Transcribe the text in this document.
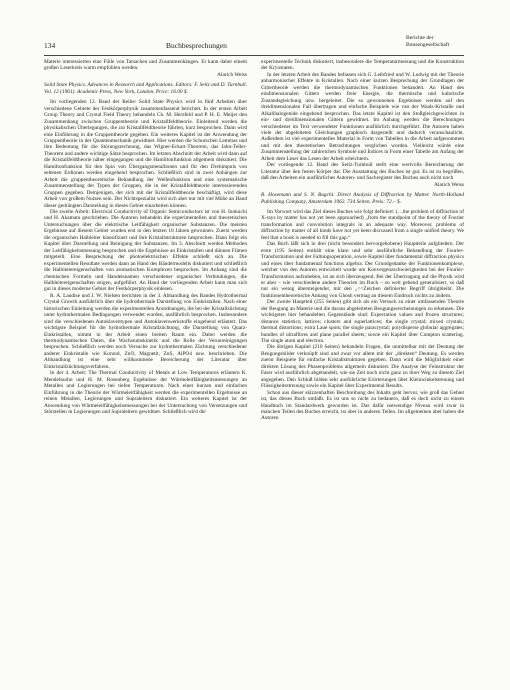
134	Buchbesprechungen
Berichte der
Bunsengesellschaft

Materie interessierten eine Fülle von Tatsachen und Zusammenhängen. Er kann daher einem großen Leserkreis warm empfohlen werden.
Alarich Weiss

Solid State Physics. Advances in Research and Applications. Editors: F. Seitz and D. Turnbull. Vol. 12 (1961). Academic Press, New York, London. Price: 16.00 $.

Im vorliegenden 12. Band der Reihe: Solid State Physics wird in fünf Arbeiten über verschiedene Gebiete der Festkörperphysik zusammenfassend berichtet. In der ersten Arbeit Group Theory and Crystal Field Theory behandeln Ch. M. Herzfeld und P. H. E. Meijer den Zusammenhang zwischen Gruppentheorie und Kristallfeldtheorie. Einleitend werden die physikalischen Überlegungen, die zur Kristallfeldtheorie führten, kurz besprochen. Dann wird eine Einführung in die Gruppentheorie gegeben. Ein weiteres Kapitel ist der Anwendung der Gruppentheorie in der Quantenmechanik gewidmet. Hier werden die Schurschen Lemmas und ihre Bedeutung für die Störungsrechnung, das Wigner-Eckart-Theorem, das Jahn-Teller-Theorem und andere wichtige Sätze besprochen. Im letzten Abschnitt der Arbeit wird dann auf die Kristallfeldtheorie näher eingegangen und die Hamiltonfunktion allgemein diskutiert. Die Hamiltonfunktion für den Spin von Übergangsmetallionen und für den Drehimpuls von seltenen Erdionen werden eingehend besprochen. Schließlich sind in zwei Anhängen zur Arbeit die gruppentheoretische Behandlung der Wellenfunktion und eine systematische Zusammenstellung der Typen der Gruppen, die in der Kristallfeldtheorie interessierenden Gruppen gegeben. Demjenigen, der sich mit der Kristallfeldtheorie beschäftigt, wird diese Arbeit von großem Nutzen sein. Der Nichtspezialist wird sich aber nur mit viel Mühe an Hand dieser gedrängten Darstellung in dieses Gebiet einarbeiten können.

Die zweite Arbeit: Electrical Conductivity of Organic Semiconductors ist von H. Inokuchi und H. Akamatu geschrieben. Die Autoren behandeln die experimentellen und theoretischen Untersuchungen über die elektrische Leitfähigkeit organischer Substanzen. Die meisten Ergebnisse auf diesem Gebiet wurden erst in den letzten 10 Jahren gewonnen. Zuerst werden die organischen Halbleiter klassifiziert und ihre Kristallstrukturen besprochen. Dann folgt ein Kapitel über Darstellung und Reinigung der Substanzen. Im 3. Abschnitt werden Methoden der Leitfähigkeitsmessung besprochen und die Ergebnisse an Einkristallen und dünnen Filmen mitgeteilt. Eine Besprechung der photoelektrischen Effekte schließt sich an. Die experimentellen Resultate werden dann an Hand des Bändermodells diskutiert und schließlich die Halbleitereigenschaften von aromatischen Komplexen besprochen. Im Anhang sind die chemischen Formeln und Handelsnamen verschiedener organischer Verbindungen, die Halbleitereigenschaften zeigen, aufgeführt. An Hand der vorliegenden Arbeit kann man sich gut in dieses moderne Gebiet der Festkörperphysik einlesen.

R. A. Laudise und J. W. Nielsen berichten in der 3. Abhandlung des Bandes Hydrothermal Crystal Growth ausführlich über die hydrothermale Darstellung von Einkristallen. Nach einer historischen Einleitung werden die experimentellen Anordnungen, die bei der Kristallzüchtung unter hydrothermalen Bedingungen verwendet wurden, ausführlich besprochen. Insbesondere sind die verschiedenen Autoklaventypen und Autoklavenwerkstoffe eingehend erläutert. Das wichtigste Beispiel für die hydrothermale Kristallzüchtung, die Darstellung von Quarz-Einkristallen, nimmt in der Arbeit einen breiten Raum ein. Dabei werden die thermodynamischen Daten, die Wachstumskinetik und die Rolle der Verunreinigungen besprochen. Schließlich werden noch Versuche zur hydrothermalen Züchtung verschiedener anderer Einkristalle wie Korund, ZnO, Magnetit, ZnS, AlPO4 usw. beschrieben. Die Abhandlung ist eine sehr willkommene Bereicherung der Literatur über Einkristallzüchtungsverfahren.

In der 4. Arbeit: The Thermal Conductivity of Metals at Low Temperatures erläutern K. Mendelssohn und H. M. Rosenberg Ergebnisse der Wärmeleitfähigkeitsmessungen an Metallen und Legierungen bei tiefen Temperaturen. Nach einer kurzen und einfachen Einführung in die Theorie der Wärmeleitfähigkeit werden die experimentellen Ergebnisse an reinen Metallen, Legierungen und Supraleitern diskutiert. Ein weiteres Kapitel ist der Anwendung von Wärmeleitfähigkeitsmessungen bei der Untersuchung von Versetzungen und Störstellen in Legierungen und Supraleitern gewidmet. Schließlich wird die

experimentelle Technik diskutiert, insbesondere die Temperaturmessung und die Konstruktion der Kryostaten.

In der letzten Arbeit des Bandes befassen sich G. Leibfried und W. Ludwig mit der Theorie anharmonischer Effekte in Kristallen. Nach einer kurzen Besprechung der Grundlagen der Gittertheorie werden die thermodynamischen Funktionen behandelt. An Hand des eindimensionalen Gitters werden freie Energie, die thermische und kalorische Zustandsgleichung usw. hergeleitet. Die so gewonnenen Ergebnisse werden auf den dreidimensionalen Fall übertragen und einfache Beispiele wie van der Waals-Kristalle und Alkalihalogenide eingehend besprochen. Das letzte Kapitel ist den Stoßgleichgewichten in ein- und dreidimensionalen Gittern gewidmet. Im Anhang werden die Berechnungen verschiedener im Text verwendeter Funktionen ausführlich durchgeführt. Die Autoren haben viele der abgeleiteten Gleichungen graphisch dargestellt und dadurch veranschaulicht. Außerdem ist viel experimentelles Material in Form von Tabellen in die Arbeit aufgenommen und mit den theoretischen Betrachtungen verglichen worden. Vielleicht würde eine Zusammenstellung der zahlreichen Symbole und Indices in Form einer Tabelle am Anfang der Arbeit dem Leser das Lesen der Arbeit erleichtern.

Der vorliegende 12. Band des Seitz-Turnbull stellt eine wertvolle Bereicherung der Literatur über den festen Körper dar. Die Ausstattung des Buches ist gut. Es ist zu begrüßen, daß den Arbeiten ein ausführliches Autoren- und Sachregister des Buches auch nicht noch
Alarich Weiss

R. Hosemann und S. N. Bagchi: Direct Analysis of Diffraction by Matter. North-Holland Publishing Company, Amsterdam 1962. 734 Seiten. Preis: 72.– $.

Im Vorwort wird das Ziel dieses Buches wie folgt definiert: (…the problem of diffraction of X-rays by matter has not yet been approached) „from the standpoint of the theory of Fourier transformation and convolution integrals in an adequate way. Moreover, problems of diffraction by matter of all kinds have not yet been discussed from a single unified theory. We feel that a book is needed to fill this gap.“

Das Buch läßt sich in drei (nicht besonders hervorgehobene) Hauptteile aufgliedern. Der erste (195 Seiten) enthält eine klare und sehr ausführliche Behandlung der Fourier-Transformation und der Faltungsoperation, sowie Kapitel über fundamental diffraction physics und eines über fundamental functions algebra. Der Grundgedanke der Funktionenkomplexe, welcher von den Autoren entwickelt wurde um Konvergenzschwierigkeiten bei der Fourier-Transformation aufzuheben, ist an sich überzeugend. Bei der Übertragung auf die Physik wird er aber – wie verschiedene andere Theorien im Buch – zu weit gehend generalisiert, so daß nur ein wenig übersteigender, mit den „<<Zeichen definierter Begriff übrigbleibt. Die funktionentheoretische Anhang von Ghosh vermag an diesem Eindruck nichts zu ändern.

Der zweite Hauptteil (255 Seiten) gibt sich als ein Versuch zu einer umfassenden Theorie der Beugung an Materie und die daraus abgeleiteten Beugungserscheinungen zu erkennen. Die wichtigsten hier behandelten Gegenstände sind: Expectation values and frozen structures; distance statistics; lattices; clusters and superlattices; the single crystal; mixed crystals; thermal distortions; extra Laue spots; the single paracrystal; polydisperse globular aggregates; bundles of ultrafibres and plane parallel sheets; sowie ein Kapitel über Compton scattering. The single atom and electron.

Die übrigen Kapitel (210 Seiten) behandeln Fragen, die unmittelbar mit der Deutung der Beugungsbilder verknüpft sind und zwar vor allem mit der „direkten“ Deutung. Es werden zuerst Beispiele für einfache Kristallstrukturen gegeben. Dann wird die Möglichkeit einer direkten Lösung des Phasenproblems allgemein diskutiert. Die Analyse der Feinstruktur der Faser wird ausführlich abgehandelt, wie sie Zeit noch nicht ganz zu ihrer Weg zu diesem Ziel angegeben. Den Schluß bilden sehr ausführliche Erörterungen über Kleinwinkelstreuung und Flüssigkeitsstreuung sowie ein Kapitel über Experimental Results.

Schon aus dieser skizzenhaften Beschreibung des Inhalts geht hervor, wie groß das Gebiet ist, das dieses Buch umfaßt. Es ist uns so nicht zu bedauern, daß es doch nicht zu einem Handbuch im Standardwerk geworden ist. Das dafür notwendige Niveau wird zwar in manchen Teilen des Buches erreicht, ist aber in anderen Teilen. Im allgemeinen aber haben die Autoren
